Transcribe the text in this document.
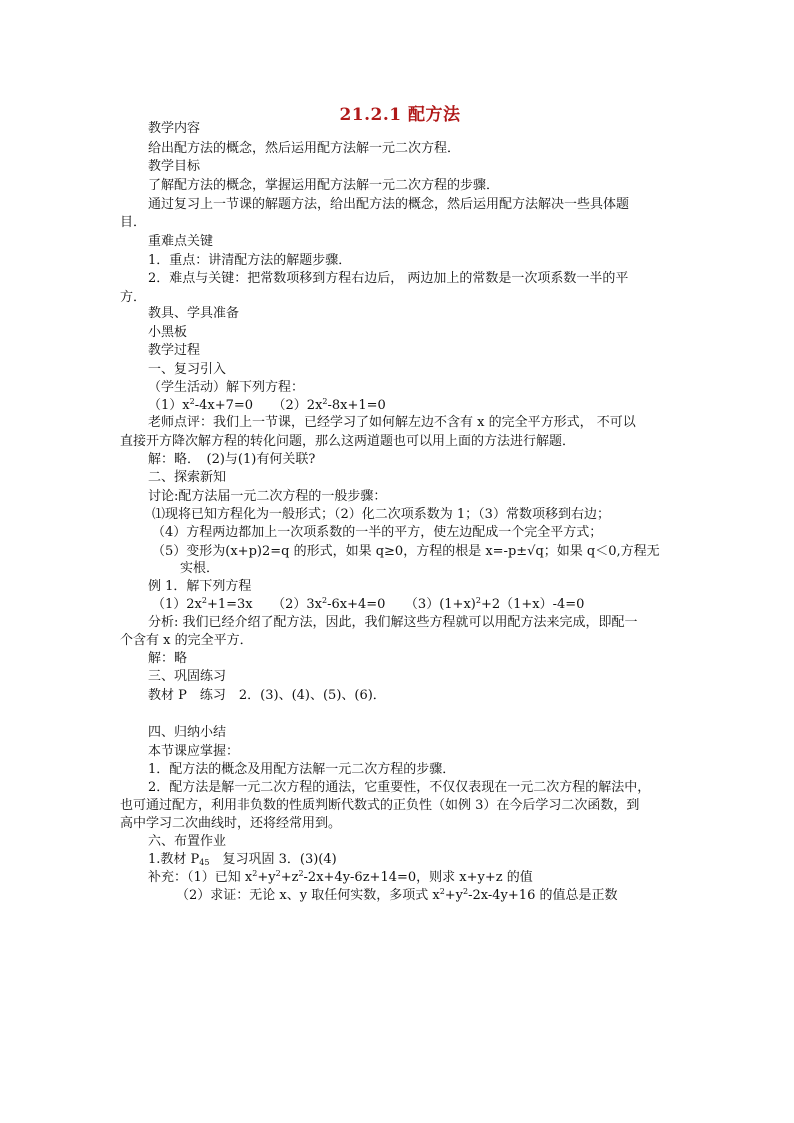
21.2.1 配方法
教学内容
给出配方法的概念，然后运用配方法解一元二次方程．
教学目标
了解配方法的概念，掌握运用配方法解一元二次方程的步骤．
通过复习上一节课的解题方法，给出配方法的概念，然后运用配方法解决一些具体题
目．
重难点关键
1．重点：讲清配方法的解题步骤．
2．难点与关键：把常数项移到方程右边后， 两边加上的常数是一次项系数一半的平
方．
教具、学具准备
小黑板
教学过程
一、复习引入
（学生活动）解下列方程：
$(1)x^2-4x+7=0$　　$(2)2x^2-8x+1=0$
老师点评：我们上一节课，已经学习了如何解左边不含有 x 的完全平方形式， 不可以
直接开方降次解方程的转化问题，那么这两道题也可以用上面的方法进行解题．
解：略．　(2)与(1)有何关联?
二、探索新知
讨论:配方法届一元二次方程的一般步骤：
⑴现将已知方程化为一般形式；（2）化二次项系数为 1；（3）常数项移到右边；
（4）方程两边都加上一次项系数的一半的平方，使左边配成一个完全平方式；
（5）变形为(x+p)2=q 的形式，如果 q≥0，方程的根是 x=-p±√q；如果 q＜0,方程无
实根．
例 1．解下列方程
$(1)2x^2+1=3x$　　$(2)3x^2-6x+4=0$　　$(3)(1+x)^2+2(1+x)-4=0$
分析: 我们已经介绍了配方法，因此，我们解这些方程就可以用配方法来完成，即配一
个含有 x 的完全平方．
解：略
三、巩固练习
教材 P　练习　2．(3)、(4)、(5)、(6)．
四、归纳小结
本节课应掌握：
1．配方法的概念及用配方法解一元二次方程的步骤．
2．配方法是解一元二次方程的通法，它重要性，不仅仅表现在一元二次方程的解法中，
也可通过配方，利用非负数的性质判断代数式的正负性（如例 3）在今后学习二次函数，到
高中学习二次曲线时，还将经常用到。
六、布置作业
1.教材 $P_{45}$　复习巩固 3．(3)(4)
补充：（1）已知 $x^2+y^2+z^2-2x+4y-6z+14=0$，则求 x+y+z 的值
（2）求证：无论 x、y 取任何实数，多项式 $x^2+y^2-2x-4y+16$ 的值总是正数
